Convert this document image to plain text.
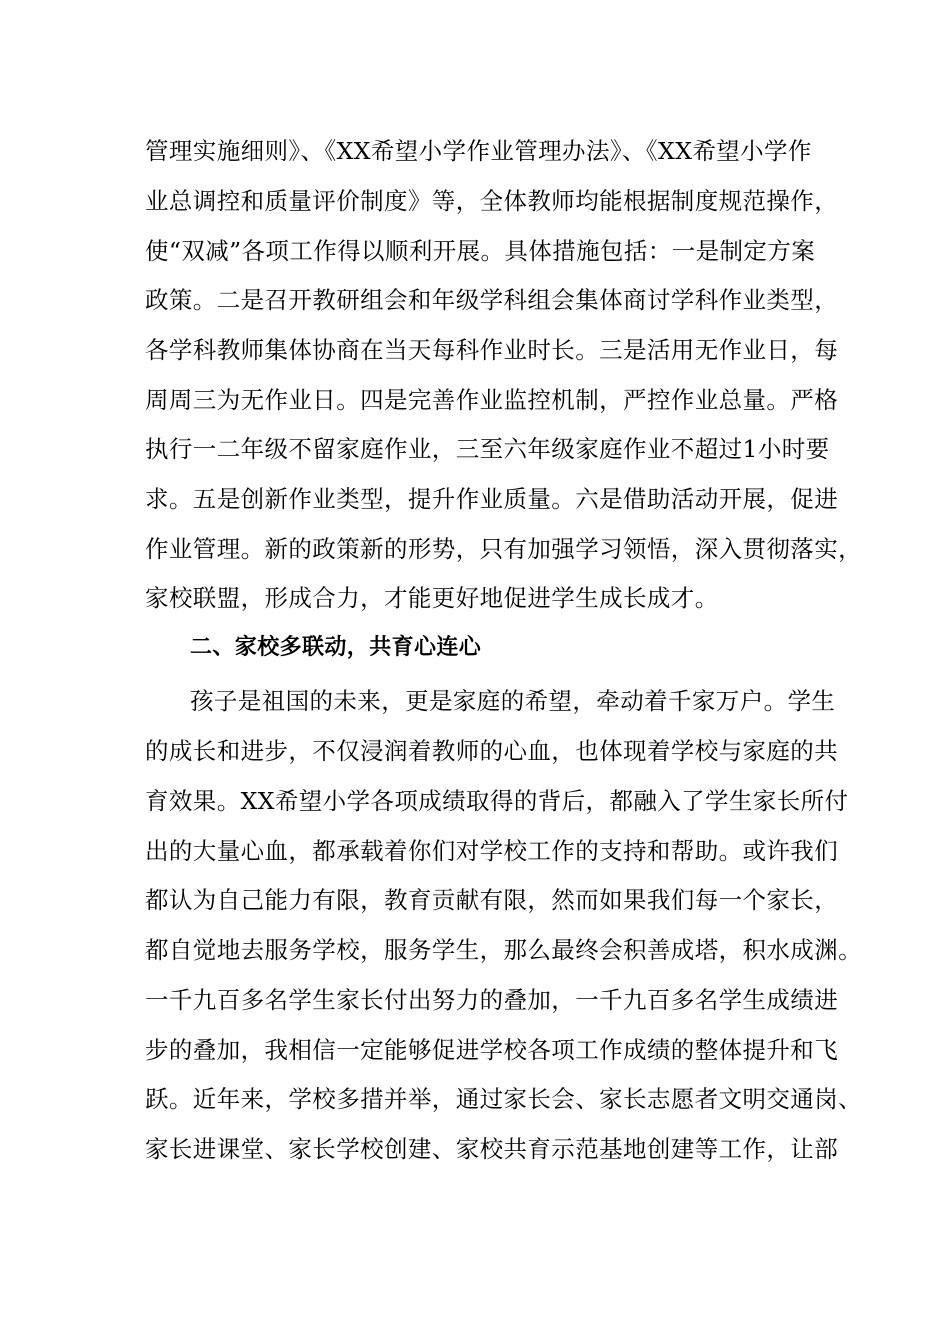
管理实施细则》、《XX希望小学作业管理办法》、《XX希望小学作
业总调控和质量评价制度》等，全体教师均能根据制度规范操作，
使“双减”各项工作得以顺利开展。具体措施包括：一是制定方案
政策。二是召开教研组会和年级学科组会集体商讨学科作业类型，
各学科教师集体协商在当天每科作业时长。三是活用无作业日，每
周周三为无作业日。四是完善作业监控机制，严控作业总量。严格
执行一二年级不留家庭作业，三至六年级家庭作业不超过1小时要
求。五是创新作业类型，提升作业质量。六是借助活动开展，促进
作业管理。新的政策新的形势，只有加强学习领悟，深入贯彻落实，
家校联盟，形成合力，才能更好地促进学生成长成才。
二、家校多联动，共育心连心
孩子是祖国的未来，更是家庭的希望，牵动着千家万户。学生
的成长和进步，不仅浸润着教师的心血，也体现着学校与家庭的共
育效果。XX希望小学各项成绩取得的背后，都融入了学生家长所付
出的大量心血，都承载着你们对学校工作的支持和帮助。或许我们
都认为自己能力有限，教育贡献有限，然而如果我们每一个家长，
都自觉地去服务学校，服务学生，那么最终会积善成塔，积水成渊。
一千九百多名学生家长付出努力的叠加，一千九百多名学生成绩进
步的叠加，我相信一定能够促进学校各项工作成绩的整体提升和飞
跃。近年来，学校多措并举，通过家长会、家长志愿者文明交通岗、
家长进课堂、家长学校创建、家校共育示范基地创建等工作，让部
